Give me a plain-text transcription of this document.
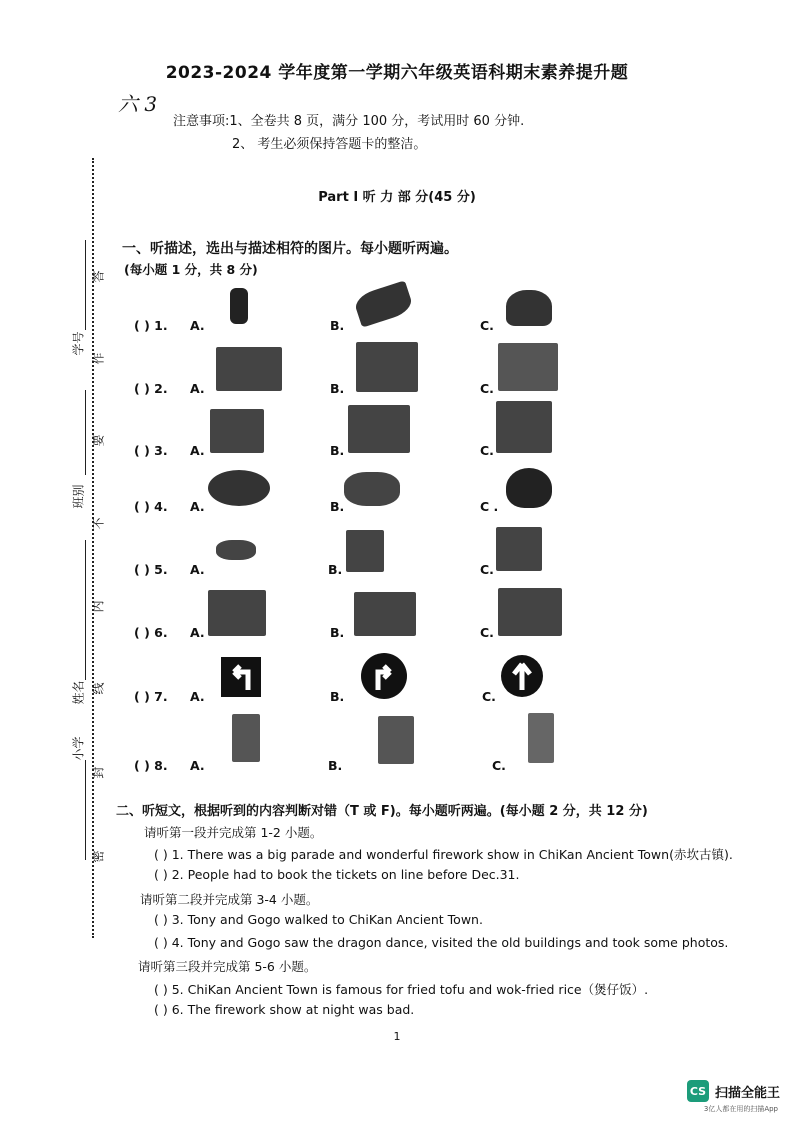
2023-2024 学年度第一学期六年级英语科期末素养提升题
六 3
注意事项:1、全卷共 8 页，满分 100 分，考试用时 60 分钟.
2、 考生必须保持答题卡的整洁。
Part Ⅰ 听 力 部 分(45 分)
学号
班别
姓名
小学
答
作
要
不
内
线
封
密
一、听描述，选出与描述相符的图片。每小题听两遍。
(每小题 1 分，共 8 分)
( ) 1. A.	B.	C.
( ) 2. A.	B.	C.
( ) 3. A.	B.	C.
( ) 4. A.	B.	C .
( ) 5. A.	B.	C.
( ) 6. A.	B.	C.
( ) 7. A.	B.	C.
( ) 8. A.	B.	C.
二、听短文，根据听到的内容判断对错（T 或 F)。每小题听两遍。(每小题 2 分，共 12 分)
请听第一段并完成第 1-2 小题。
( ) 1. There was a big parade and wonderful firework show in ChiKan Ancient Town(赤坎古镇).
( ) 2. People had to book the tickets on line before Dec.31.
请听第二段并完成第 3-4 小题。
( ) 3. Tony and Gogo walked to ChiKan Ancient Town.
( ) 4. Tony and Gogo saw the dragon dance, visited the old buildings and took some photos.
请听第三段并完成第 5-6 小题。
( ) 5. ChiKan Ancient Town is famous for fried tofu and wok-fried rice（煲仔饭）.
( ) 6. The firework show at night was bad.
1
CS 扫描全能王
3亿人都在用的扫描App
